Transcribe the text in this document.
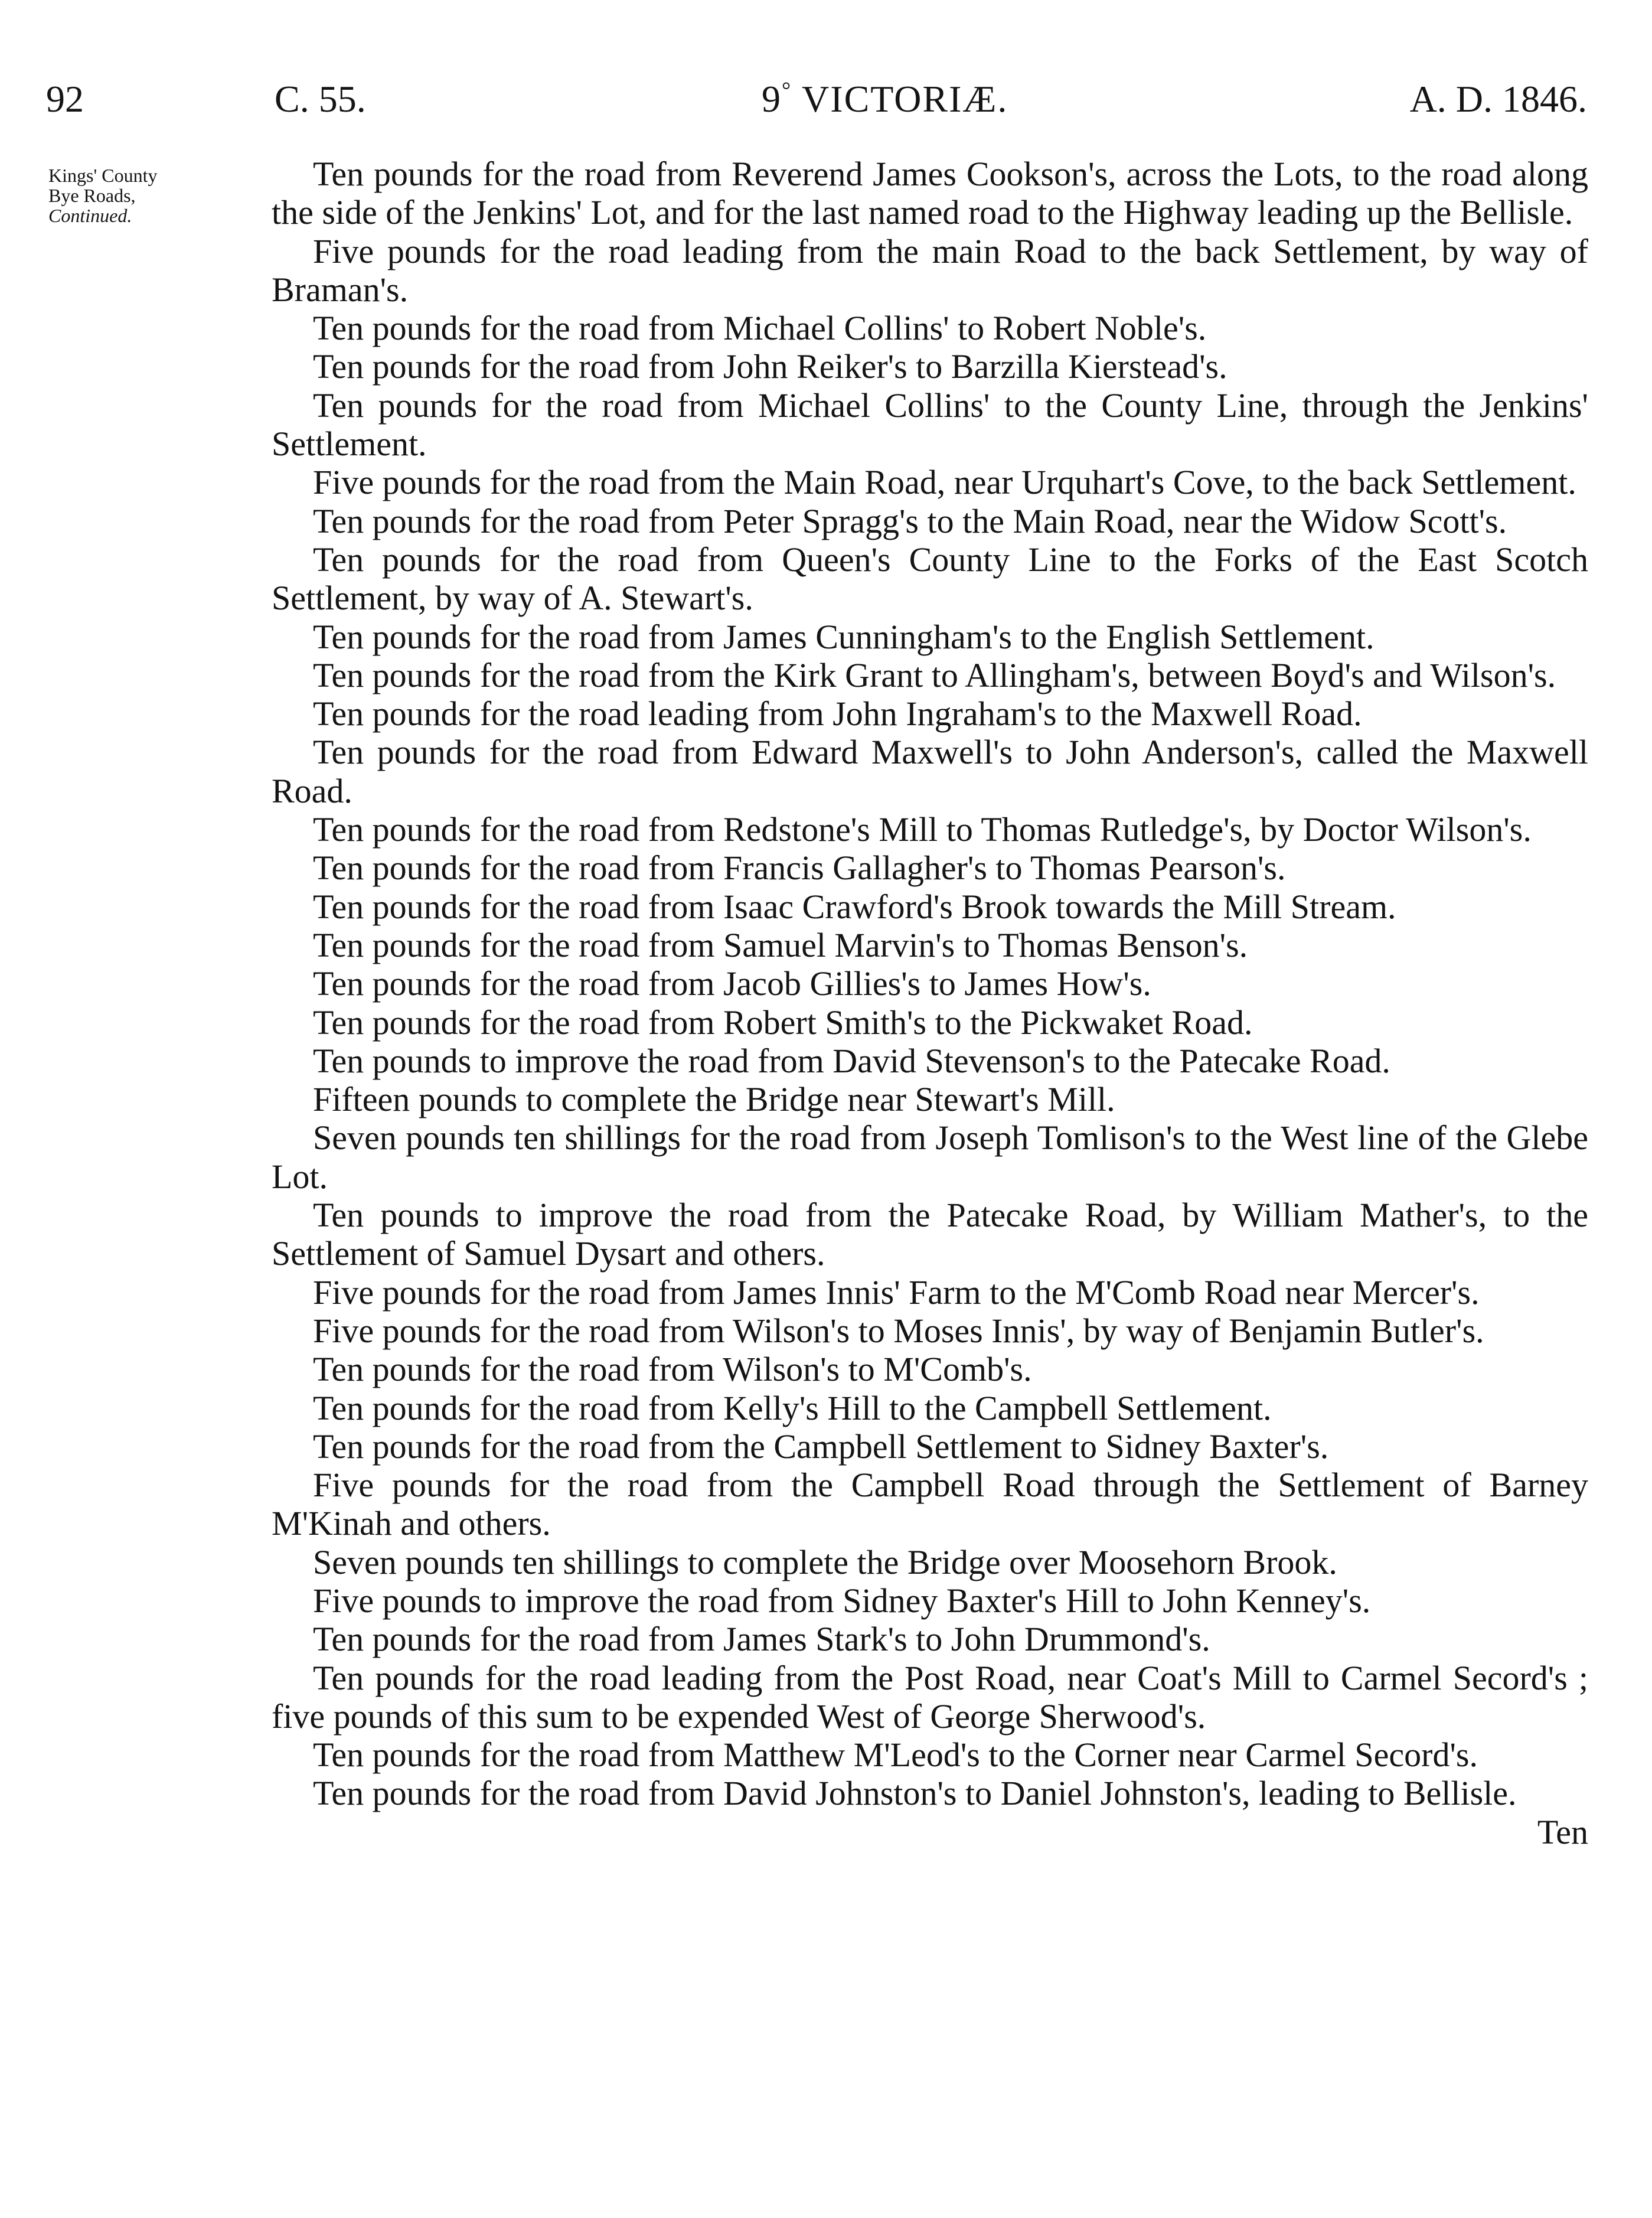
92	C. 55.	9° VICTORIÆ.	A. D. 1846.
Kings' County
Bye Roads,
Continued.

Ten pounds for the road from Reverend James Cookson's, across the Lots, to the road along the side of the Jenkins' Lot, and for the last named road to the Highway leading up the Bellisle.

Five pounds for the road leading from the main Road to the back Settlement, by way of Braman's.

Ten pounds for the road from Michael Collins' to Robert Noble's.

Ten pounds for the road from John Reiker's to Barzilla Kierstead's.

Ten pounds for the road from Michael Collins' to the County Line, through the Jenkins' Settlement.

Five pounds for the road from the Main Road, near Urquhart's Cove, to the back Settlement.

Ten pounds for the road from Peter Spragg's to the Main Road, near the Widow Scott's.

Ten pounds for the road from Queen's County Line to the Forks of the East Scotch Settlement, by way of A. Stewart's.

Ten pounds for the road from James Cunningham's to the English Settlement.

Ten pounds for the road from the Kirk Grant to Allingham's, between Boyd's and Wilson's.

Ten pounds for the road leading from John Ingraham's to the Maxwell Road.

Ten pounds for the road from Edward Maxwell's to John Anderson's, called the Maxwell Road.

Ten pounds for the road from Redstone's Mill to Thomas Rutledge's, by Doctor Wilson's.

Ten pounds for the road from Francis Gallagher's to Thomas Pearson's.

Ten pounds for the road from Isaac Crawford's Brook towards the Mill Stream.

Ten pounds for the road from Samuel Marvin's to Thomas Benson's.

Ten pounds for the road from Jacob Gillies's to James How's.

Ten pounds for the road from Robert Smith's to the Pickwaket Road.

Ten pounds to improve the road from David Stevenson's to the Patecake Road.

Fifteen pounds to complete the Bridge near Stewart's Mill.

Seven pounds ten shillings for the road from Joseph Tomlison's to the West line of the Glebe Lot.

Ten pounds to improve the road from the Patecake Road, by William Mather's, to the Settlement of Samuel Dysart and others.

Five pounds for the road from James Innis' Farm to the M'Comb Road near Mercer's.

Five pounds for the road from Wilson's to Moses Innis', by way of Benjamin Butler's.

Ten pounds for the road from Wilson's to M'Comb's.

Ten pounds for the road from Kelly's Hill to the Campbell Settlement.

Ten pounds for the road from the Campbell Settlement to Sidney Baxter's.

Five pounds for the road from the Campbell Road through the Settlement of Barney M'Kinah and others.

Seven pounds ten shillings to complete the Bridge over Moosehorn Brook.

Five pounds to improve the road from Sidney Baxter's Hill to John Kenney's.

Ten pounds for the road from James Stark's to John Drummond's.

Ten pounds for the road leading from the Post Road, near Coat's Mill to Carmel Secord's ; five pounds of this sum to be expended West of George Sherwood's.

Ten pounds for the road from Matthew M'Leod's to the Corner near Carmel Secord's.

Ten pounds for the road from David Johnston's to Daniel Johnston's, leading to Bellisle.

Ten
